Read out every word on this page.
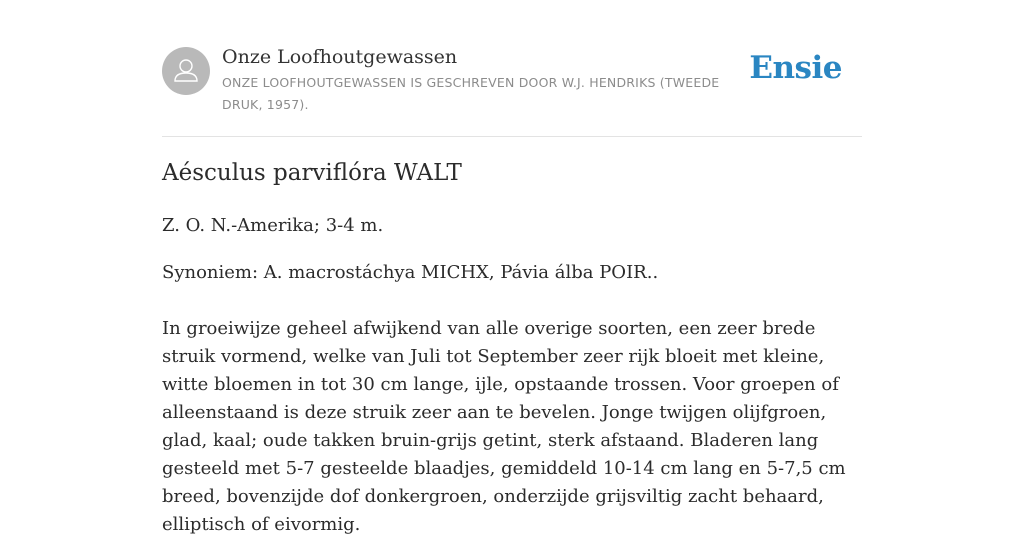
Onze Loofhoutgewassen
ONZE LOOFHOUTGEWASSEN IS GESCHREVEN DOOR W.J. HENDRIKS (TWEEDE DRUK, 1957).
Ensie
Aésculus parviflóra WALT
Z. O. N.-Amerika; 3-4 m.
Synoniem: A. macrostáchya MICHX, Pávia álba POIR..
In groeiwijze geheel afwijkend van alle overige soorten, een zeer brede struik vormend, welke van Juli tot September zeer rijk bloeit met kleine, witte bloemen in tot 30 cm lange, ijle, opstaande trossen. Voor groepen of alleenstaand is deze struik zeer aan te bevelen. Jonge twijgen olijfgroen, glad, kaal; oude takken bruin-grijs getint, sterk afstaand. Bladeren lang gesteeld met 5-7 gesteelde blaadjes, gemiddeld 10-14 cm lang en 5-7,5 cm breed, bovenzijde dof donkergroen, onderzijde grijsviltig zacht behaard, elliptisch of eivormig.
